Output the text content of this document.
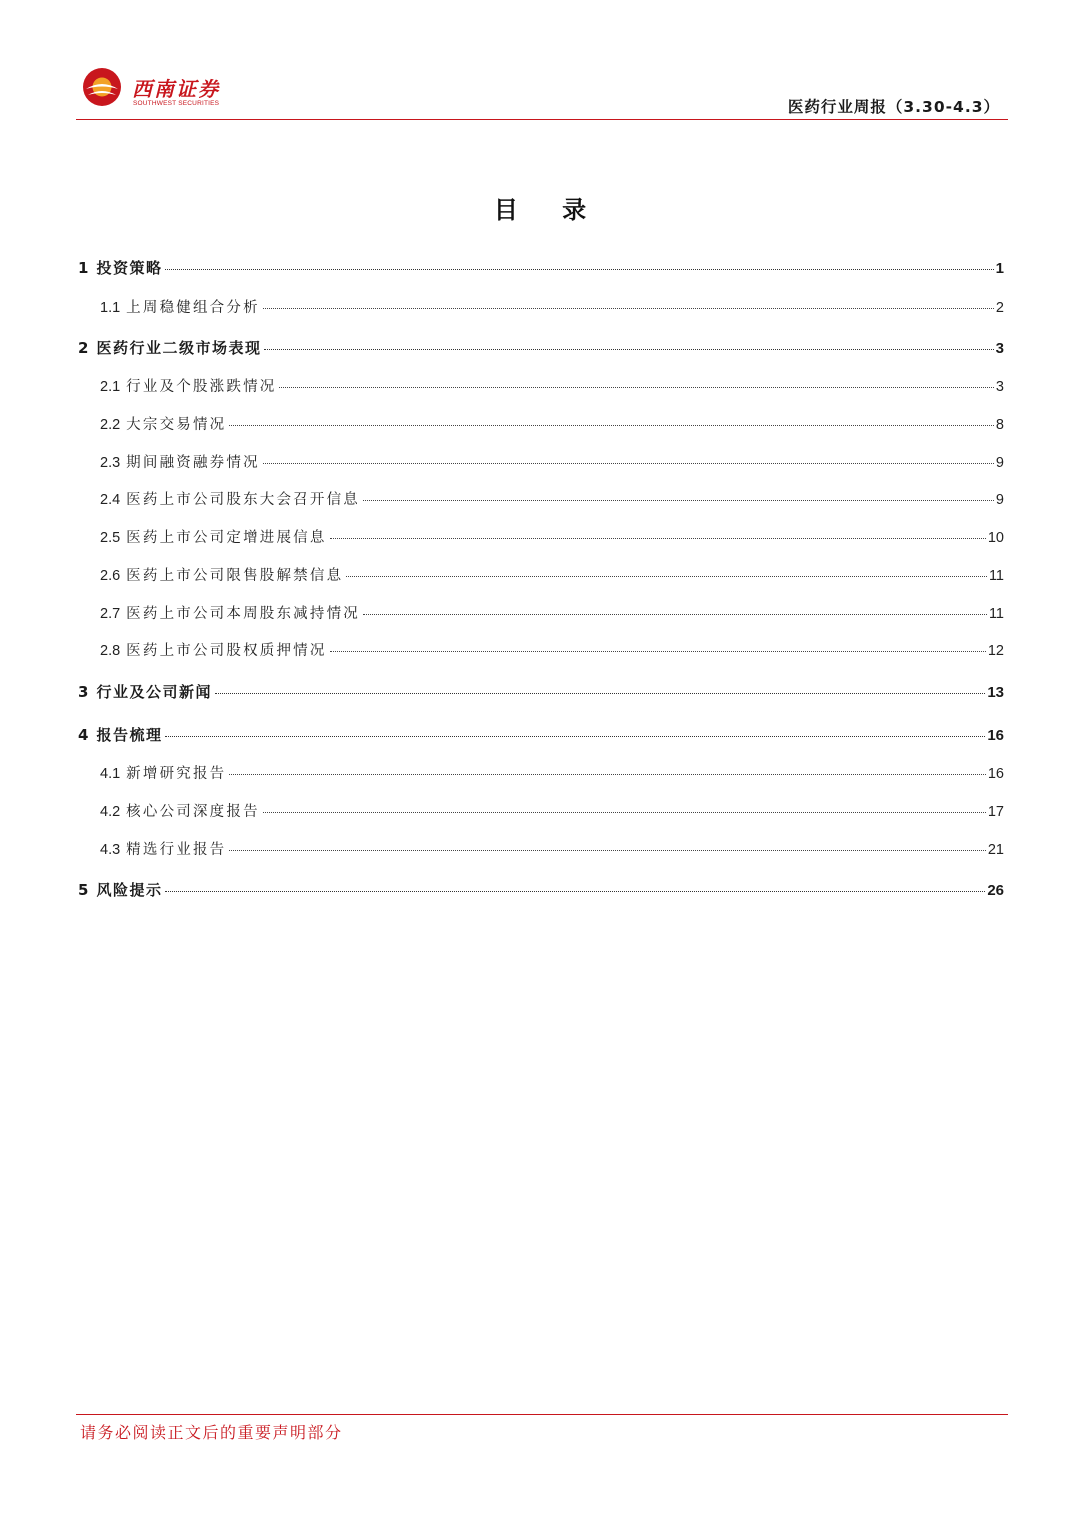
西南证券
SOUTHWEST SECURITIES	医药行业周报（3.30-4.3）
目 录
1 投资策略	1
1.1 上周稳健组合分析	2
2 医药行业二级市场表现	3
2.1 行业及个股涨跌情况	3
2.2 大宗交易情况	8
2.3 期间融资融券情况	9
2.4 医药上市公司股东大会召开信息	9
2.5 医药上市公司定增进展信息	10
2.6 医药上市公司限售股解禁信息	11
2.7 医药上市公司本周股东减持情况	11
2.8 医药上市公司股权质押情况	12
3 行业及公司新闻	13
4 报告梳理	16
4.1 新增研究报告	16
4.2 核心公司深度报告	17
4.3 精选行业报告	21
5 风险提示	26
请务必阅读正文后的重要声明部分
